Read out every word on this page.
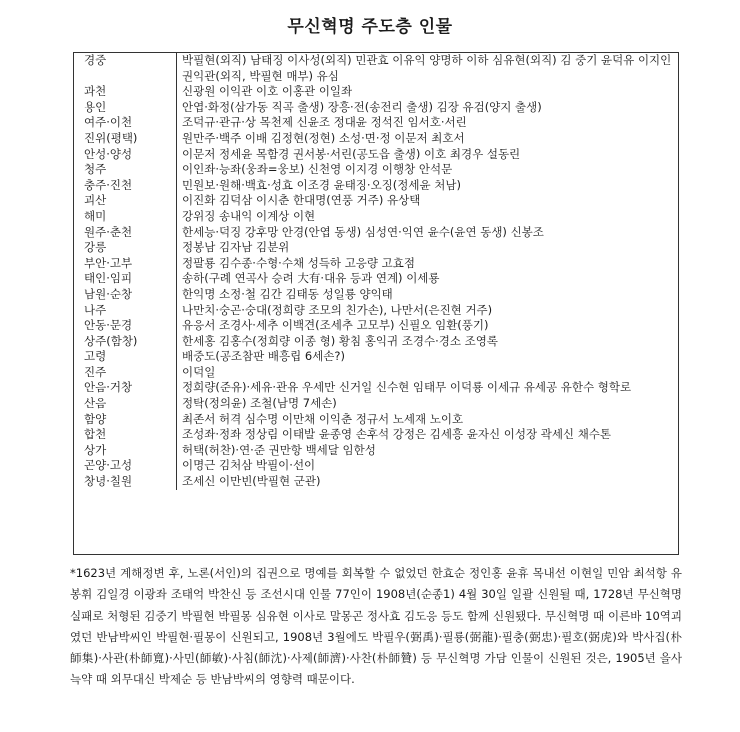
무신혁명 주도층 인물
경중	박필현(외직) 남태징 이사성(외직) 민관효 이유익 양명하 이하 심유현(외직) 김 중기 윤덕유 이지인 권익관(외직, 박필현 매부) 유심
과천	신광원 이익관 이호 이홍관 이일좌
용인	안엽·화정(삼가동 직곡 출생) 장흥·전(송전리 출생) 김장 유검(양지 출생)
여주·이천	조덕규·관규·상 목천제 신윤조 정대윤 정석진 임서호·서린
진위(평택)	원만주·백주 이배 김정현(정현) 소성·면·정 이문저 최호서
안성·양성	이문저 정세윤 목함경 권서봉·서린(공도읍 출생) 이호 최경우 설동린
청주	이인좌·능좌(웅좌=웅보) 신천영 이지경 이행창 안석문
충주·진천	민원보·원해·백효·성효 이조경 윤태징·오징(정세윤 처남)
괴산	이진화 김덕삼 이시춘 한대명(연풍 거주) 유상택
해미	강위징 송내익 이계상 이현
원주·춘천	한세능·덕징 강후망 안경(안엽 동생) 심성연·익연 윤수(윤연 동생) 신봉조
강릉	정봉남 김자남 김분위
부안·고부	정팔룡 김수종·수형·수채 성득하 고응량 고효점
태인·임피	송하(구례 연곡사 승려 大有·대유 등과 연계) 이세룡
남원·순창	한익명 소정·철 김간 김태동 성일룡 양익태
나주	나만치·숭곤·숭대(정희량 조모의 친가손), 나만서(은진현 거주)
안동·문경	유응서 조경사·세추 이백견(조세추 고모부) 신필오 임환(풍기)
상주(함창)	한세홍 김홍수(정희량 이종 형) 황침 홍익귀 조경수·경소 조영록
고령	배중도(공조참판 배흥립 6세손?)
진주	이덕일
안음·거창	정희량(준유)·세유·관유 우세만 신거일 신수현 임태무 이덕룡 이세규 유세공 유한수 형학로
산음	정탁(정의윤) 조철(남명 7세손)
함양	최존서 허격 심수명 이만채 이익춘 정규서 노세재 노이호
합천	조성좌·정좌 정상림 이태발 윤종영 손후석 강정은 김세흥 윤자신 이성장 곽세신 채수톤
상가	허택(허찬)·연·준 권만항 백세달 임한성
곤양·고성	이명근 김처삼 박필이·선이
창녕·칠원	조세신 이만빈(박필현 군관)
*1623년 계해정변 후, 노론(서인)의 집권으로 명예를 회복할 수 없었던 한효순 정인홍 윤휴 목내선 이현일 민암 최석항 유봉휘 김일경 이광좌 조태억 박찬신 등 조선시대 인물 77인이 1908년(순종1) 4월 30일 일괄 신원될 때, 1728년 무신혁명 실패로 처형된 김중기 박필현 박필몽 심유현 이사로 말몽곤 정사효 김도응 등도 함께 신원됐다. 무신혁명 때 이른바 10역괴였던 반남박씨인 박필현·필몽이 신원되고, 1908년 3월에도 박필우(弼禹)·필룡(弼龍)·필충(弼忠)·필호(弼虎)와 박사집(朴師集)·사관(朴師寬)·사민(師敏)·사침(師沈)·사제(師濟)·사찬(朴師贊) 등 무신혁명 가담 인물이 신원된 것은, 1905년 을사늑약 때 외무대신 박제순 등 반남박씨의 영향력 때문이다.
